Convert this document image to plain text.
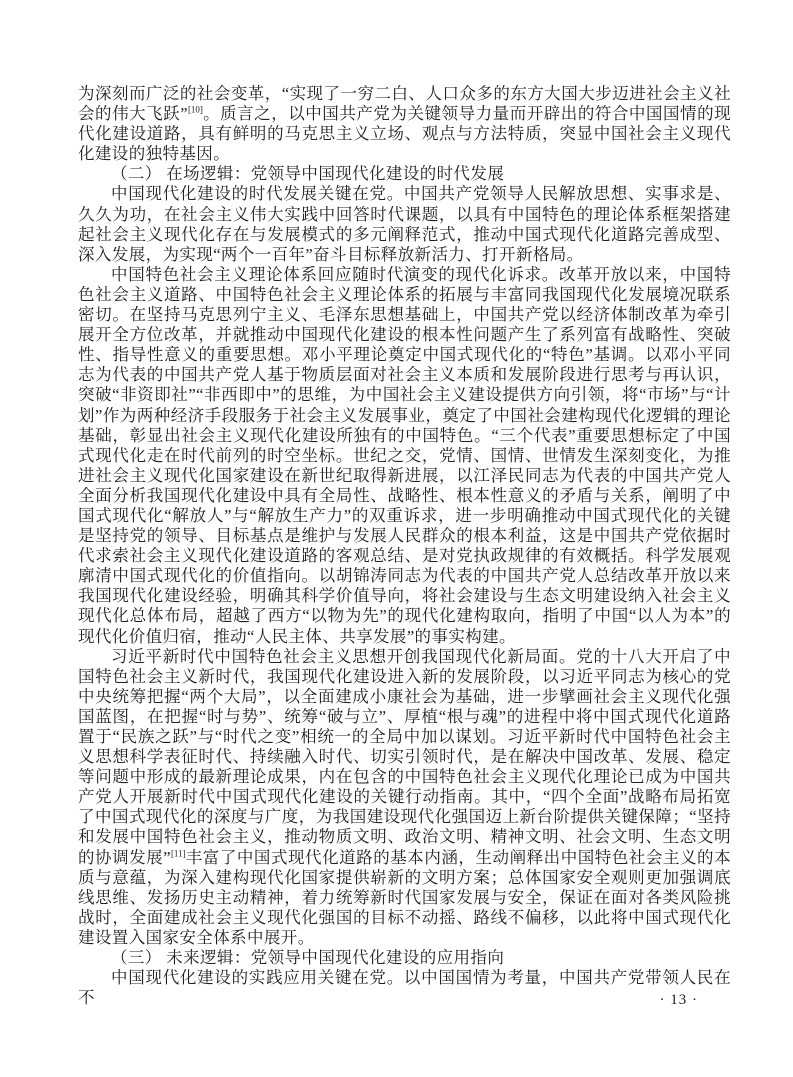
为深刻而广泛的社会变革，“实现了一穷二白、人口众多的东方大国大步迈进社会主义社会的伟大飞跃”[10]。质言之，以中国共产党为关键领导力量而开辟出的符合中国国情的现代化建设道路，具有鲜明的马克思主义立场、观点与方法特质，突显中国社会主义现代化建设的独特基因。

（二） 在场逻辑：党领导中国现代化建设的时代发展

中国现代化建设的时代发展关键在党。中国共产党领导人民解放思想、实事求是、久久为功，在社会主义伟大实践中回答时代课题，以具有中国特色的理论体系框架搭建起社会主义现代化存在与发展模式的多元阐释范式，推动中国式现代化道路完善成型、深入发展，为实现“两个一百年”奋斗目标释放新活力、打开新格局。

中国特色社会主义理论体系回应随时代演变的现代化诉求。改革开放以来，中国特色社会主义道路、中国特色社会主义理论体系的拓展与丰富同我国现代化发展境况联系密切。在坚持马克思列宁主义、毛泽东思想基础上，中国共产党以经济体制改革为牵引展开全方位改革，并就推动中国现代化建设的根本性问题产生了系列富有战略性、突破性、指导性意义的重要思想。邓小平理论奠定中国式现代化的“特色”基调。以邓小平同志为代表的中国共产党人基于物质层面对社会主义本质和发展阶段进行思考与再认识，突破“非资即社”“非西即中”的思维，为中国社会主义建设提供方向引领，将“市场”与“计划”作为两种经济手段服务于社会主义发展事业，奠定了中国社会建构现代化逻辑的理论基础，彰显出社会主义现代化建设所独有的中国特色。“三个代表”重要思想标定了中国式现代化走在时代前列的时空坐标。世纪之交，党情、国情、世情发生深刻变化，为推进社会主义现代化国家建设在新世纪取得新进展，以江泽民同志为代表的中国共产党人全面分析我国现代化建设中具有全局性、战略性、根本性意义的矛盾与关系，阐明了中国式现代化“解放人”与“解放生产力”的双重诉求，进一步明确推动中国式现代化的关键是坚持党的领导、目标基点是维护与发展人民群众的根本利益，这是中国共产党依据时代求索社会主义现代化建设道路的客观总结、是对党执政规律的有效概括。科学发展观廓清中国式现代化的价值指向。以胡锦涛同志为代表的中国共产党人总结改革开放以来我国现代化建设经验，明确其科学价值导向，将社会建设与生态文明建设纳入社会主义现代化总体布局，超越了西方“以物为先”的现代化建构取向，指明了中国“以人为本”的现代化价值归宿，推动“人民主体、共享发展”的事实构建。

习近平新时代中国特色社会主义思想开创我国现代化新局面。党的十八大开启了中国特色社会主义新时代，我国现代化建设进入新的发展阶段，以习近平同志为核心的党中央统筹把握“两个大局”，以全面建成小康社会为基础，进一步擘画社会主义现代化强国蓝图，在把握“时与势”、统筹“破与立”、厚植“根与魂”的进程中将中国式现代化道路置于“民族之跃”与“时代之变”相统一的全局中加以谋划。习近平新时代中国特色社会主义思想科学表征时代、持续融入时代、切实引领时代，是在解决中国改革、发展、稳定等问题中形成的最新理论成果，内在包含的中国特色社会主义现代化理论已成为中国共产党人开展新时代中国式现代化建设的关键行动指南。其中，“四个全面”战略布局拓宽了中国式现代化的深度与广度，为我国建设现代化强国迈上新台阶提供关键保障；“坚持和发展中国特色社会主义，推动物质文明、政治文明、精神文明、社会文明、生态文明的协调发展”[11]丰富了中国式现代化道路的基本内涵，生动阐释出中国特色社会主义的本质与意蕴，为深入建构现代化国家提供崭新的文明方案；总体国家安全观则更加强调底线思维、发扬历史主动精神，着力统筹新时代国家发展与安全，保证在面对各类风险挑战时，全面建成社会主义现代化强国的目标不动摇、路线不偏移，以此将中国式现代化建设置入国家安全体系中展开。

（三） 未来逻辑：党领导中国现代化建设的应用指向

中国现代化建设的实践应用关键在党。以中国国情为考量，中国共产党带领人民在不	· 13 ·
